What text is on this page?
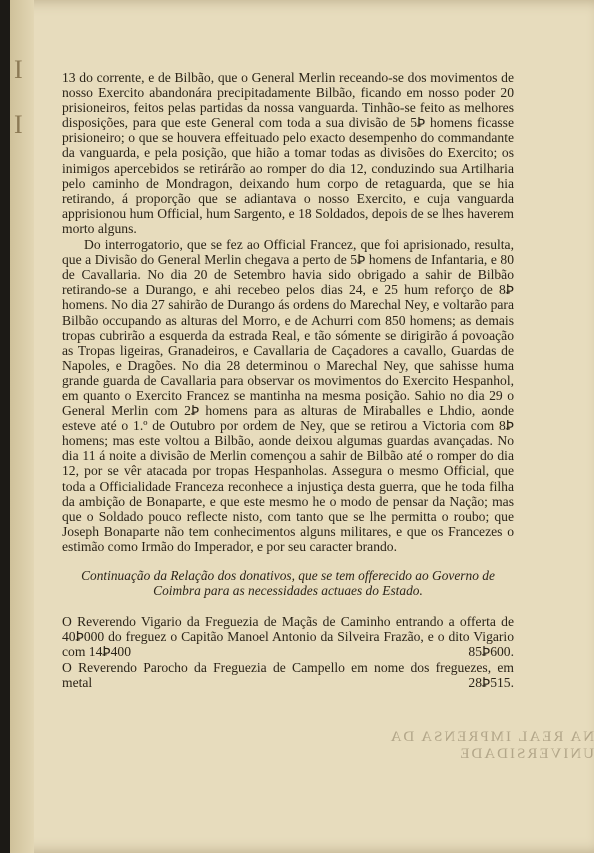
I
I

13 do corrente, e de Bilbão, que o General Merlin receando-se dos movimentos de nosso Exercito abandonára precipitadamente Bilbão, ficando em nosso poder 20 prisioneiros, feitos pelas partidas da nossa vanguarda. Tinhão-se feito as melhores disposições, para que este General com toda a sua divisão de 5Ꝧ homens ficasse prisioneiro; o que se houvera effeituado pelo exacto desempenho do commandante da vanguarda, e pela posição, que hião a tomar todas as divisões do Exercito; os inimigos apercebidos se retirárão ao romper do dia 12, conduzindo sua Artilharia pelo caminho de Mondragon, deixando hum corpo de retaguarda, que se hia retirando, á proporção que se adiantava o nosso Exercito, e cuja vanguarda apprisionou hum Official, hum Sargento, e 18 Soldados, depois de se lhes haverem morto alguns.

Do interrogatorio, que se fez ao Official Francez, que foi aprisionado, resulta, que a Divisão do General Merlin chegava a perto de 5Ꝧ homens de Infantaria, e 80 de Cavallaria. No dia 20 de Setembro havia sido obrigado a sahir de Bilbão retirando-se a Durango, e ahi recebeo pelos dias 24, e 25 hum reforço de 8Ꝧ homens. No dia 27 sahirão de Durango ás ordens do Marechal Ney, e voltarão para Bilbão occupando as alturas del Morro, e de Achurri com 850 homens; as demais tropas cubrirão a esquerda da estrada Real, e tão sómente se dirigirão á povoação as Tropas ligeiras, Granadeiros, e Cavallaria de Caçadores a cavallo, Guardas de Napoles, e Dragões. No dia 28 determinou o Marechal Ney, que sahisse huma grande guarda de Cavallaria para observar os movimentos do Exercito Hespanhol, em quanto o Exercito Francez se mantinha na mesma posição. Sahio no dia 29 o General Merlin com 2Ꝧ homens para as alturas de Miraballes e Lhdio, aonde esteve até o 1.º de Outubro por ordem de Ney, que se retirou a Victoria com 8Ꝧ homens; mas este voltou a Bilbão, aonde deixou algumas guardas avançadas. No dia 11 á noite a divisão de Merlin començou a sahir de Bilbão até o romper do dia 12, por se vêr atacada por tropas Hespanholas. Assegura o mesmo Official, que toda a Officialidade Franceza reconhece a injustiça desta guerra, que he toda filha da ambição de Bonaparte, e que este mesmo he o modo de pensar da Nação; mas que o Soldado pouco reflecte nisto, com tanto que se lhe permitta o roubo; que Joseph Bonaparte não tem conhecimentos alguns militares, e que os Francezes o estimão como Irmão do Imperador, e por seu caracter brando.

Continuação da Relação dos donativos, que se tem offerecido ao Governo de Coimbra para as necessidades actuaes do Estado.

O Reverendo Vigario da Freguezia de Maçãs de Caminho entrando a offerta de 40Ꝧ000 do freguez o Capitão Manoel Antonio da Silveira Frazão, e o dito Vigario com 14Ꝧ400	85Ꝧ600.

O Reverendo Parocho da Freguezia de Campello em nome dos freguezes, em metal	28Ꝧ515.

NA REAL IMPRENSA DA UNIVERSIDADE
